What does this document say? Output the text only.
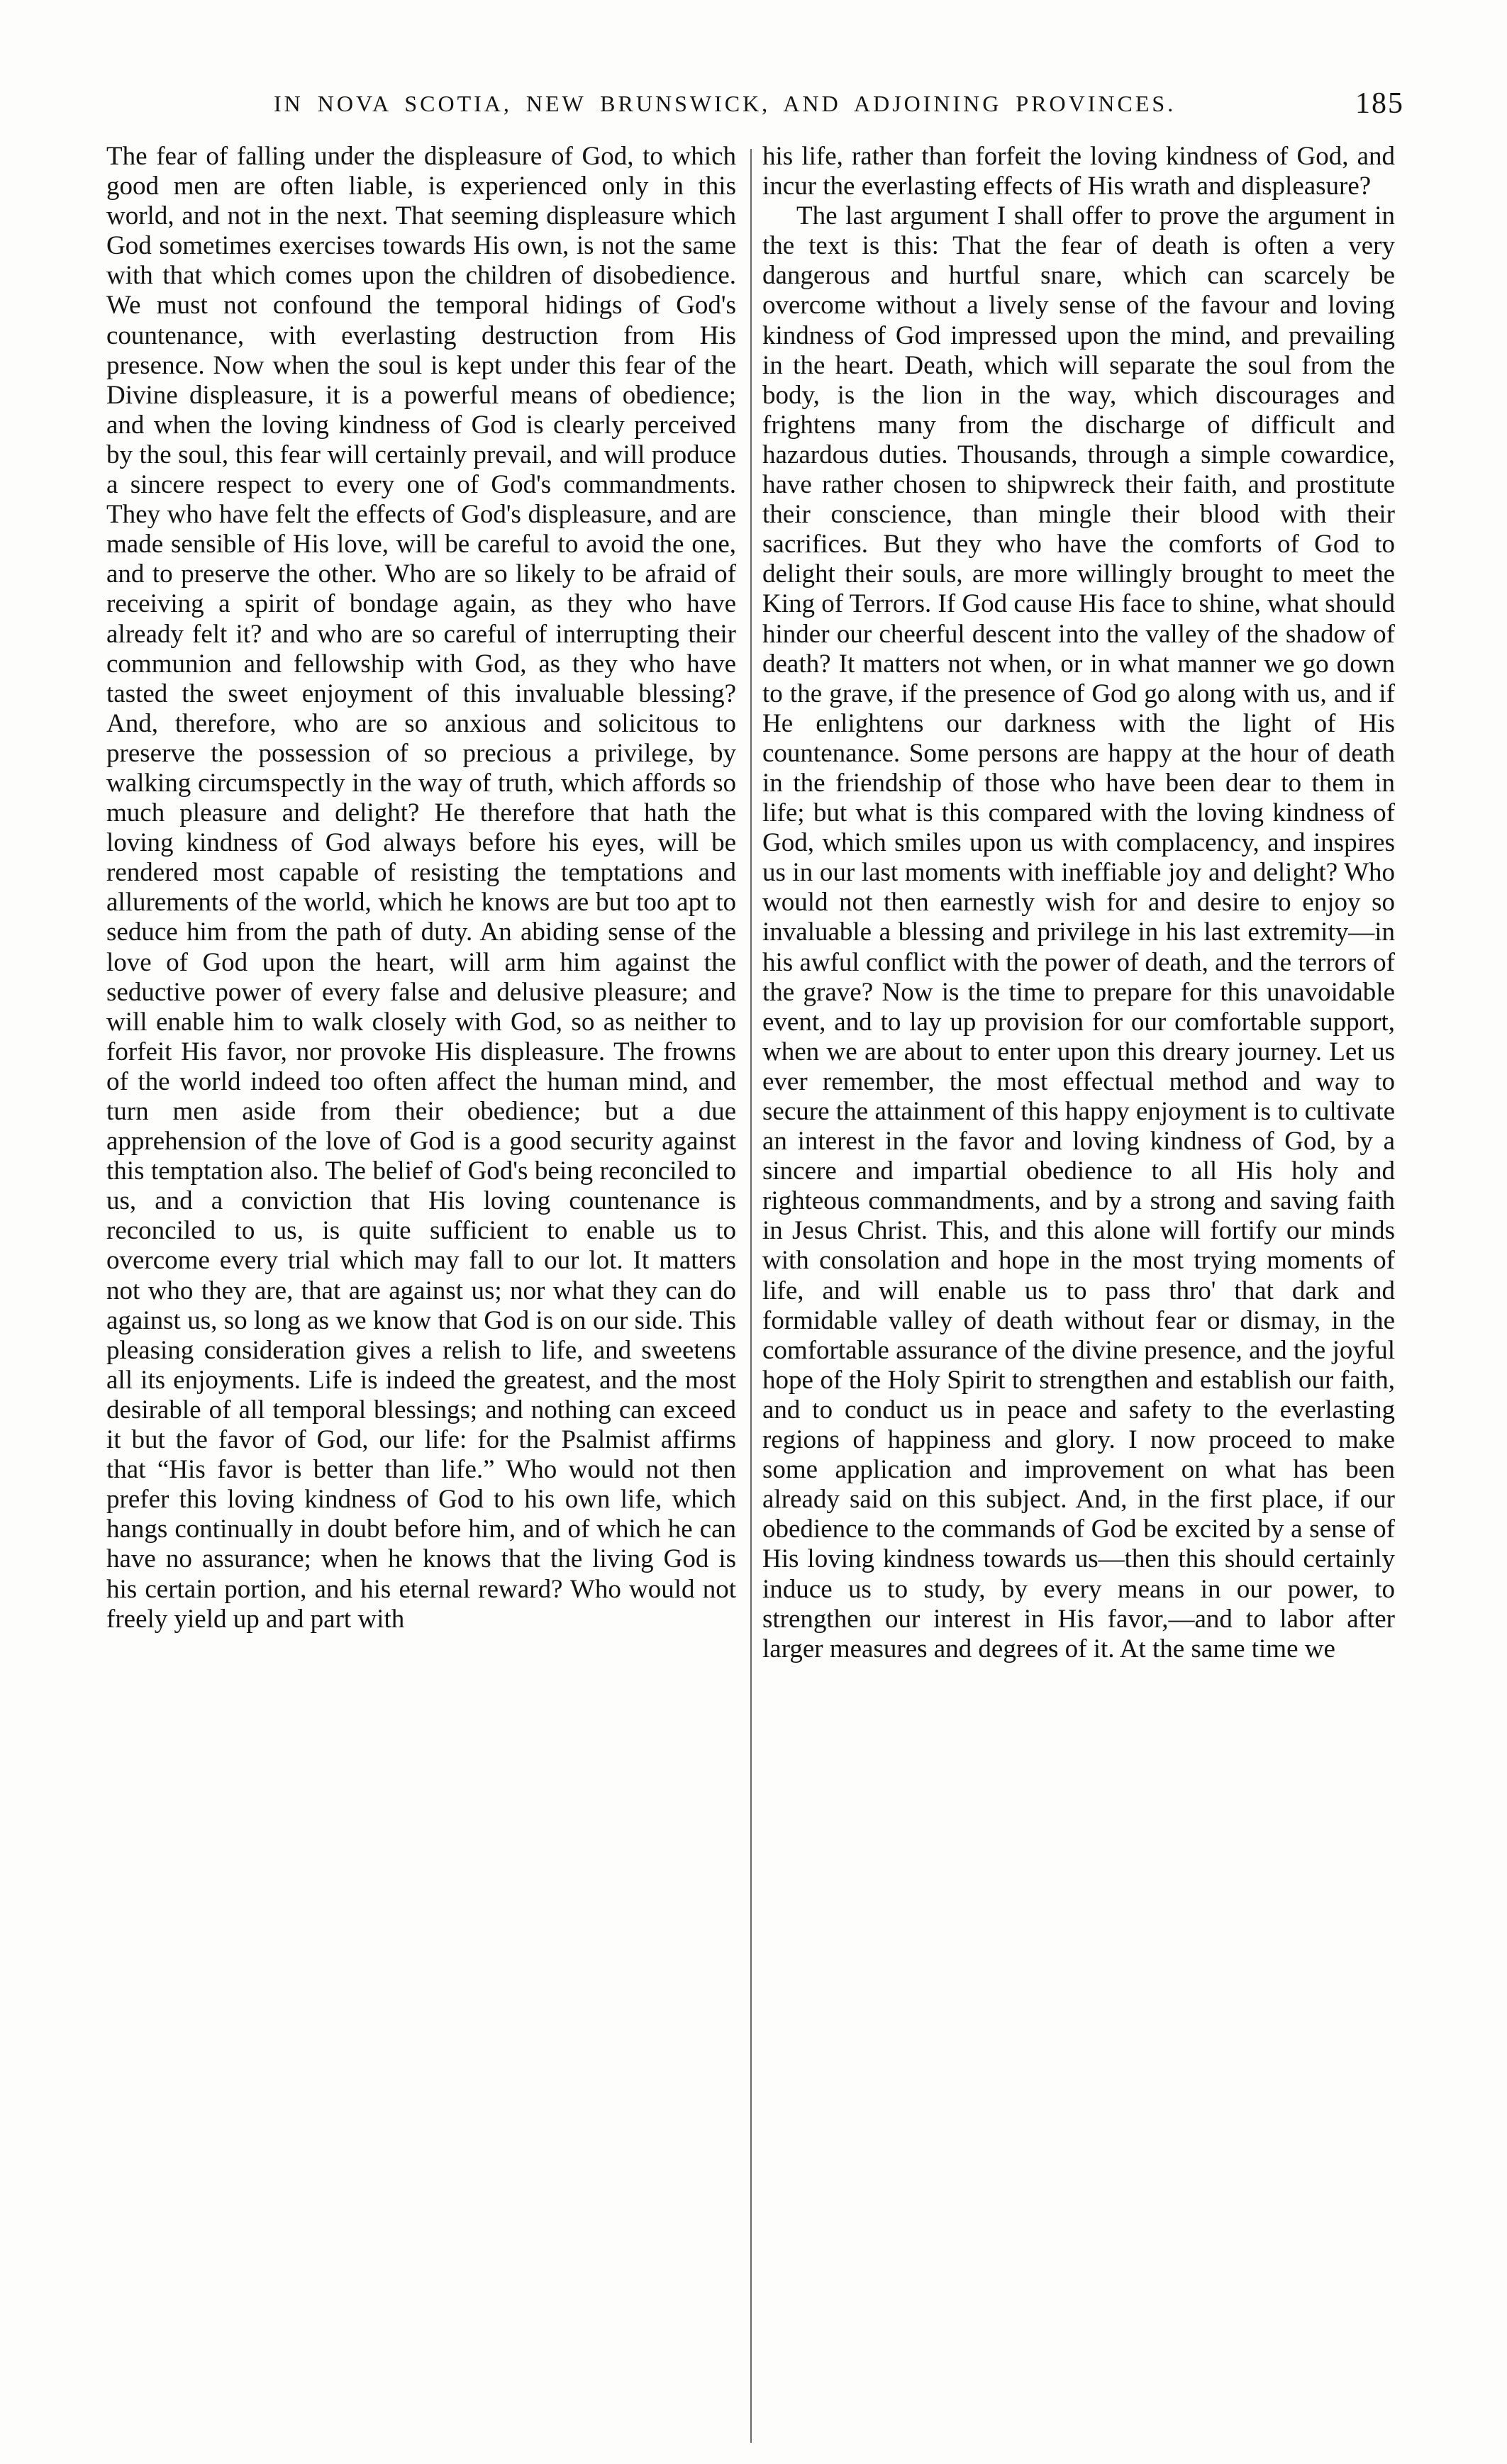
IN NOVA SCOTIA, NEW BRUNSWICK, AND ADJOINING PROVINCES.	185

The fear of falling under the displeasure of God, to which good men are often liable, is experienced only in this world, and not in the next. That seeming displeasure which God sometimes exercises towards His own, is not the same with that which comes upon the children of disobedience. We must not confound the temporal hidings of God's countenance, with everlasting destruction from His presence. Now when the soul is kept under this fear of the Divine displeasure, it is a powerful means of obedience; and when the loving kindness of God is clearly perceived by the soul, this fear will certainly prevail, and will produce a sincere respect to every one of God's commandments. They who have felt the effects of God's displeasure, and are made sensible of His love, will be careful to avoid the one, and to preserve the other. Who are so likely to be afraid of receiving a spirit of bondage again, as they who have already felt it? and who are so careful of interrupting their communion and fellowship with God, as they who have tasted the sweet enjoyment of this invaluable blessing? And, therefore, who are so anxious and solicitous to preserve the possession of so precious a privilege, by walking circumspectly in the way of truth, which affords so much pleasure and delight? He therefore that hath the loving kindness of God always before his eyes, will be rendered most capable of resisting the temptations and allurements of the world, which he knows are but too apt to seduce him from the path of duty. An abiding sense of the love of God upon the heart, will arm him against the seductive power of every false and delusive pleasure; and will enable him to walk closely with God, so as neither to forfeit His favor, nor provoke His displeasure. The frowns of the world indeed too often affect the human mind, and turn men aside from their obedience; but a due apprehension of the love of God is a good security against this temptation also. The belief of God's being reconciled to us, and a conviction that His loving countenance is reconciled to us, is quite sufficient to enable us to overcome every trial which may fall to our lot. It matters not who they are, that are against us; nor what they can do against us, so long as we know that God is on our side. This pleasing consideration gives a relish to life, and sweetens all its enjoyments. Life is indeed the greatest, and the most desirable of all temporal blessings; and nothing can exceed it but the favor of God, our life: for the Psalmist affirms that “His favor is better than life.” Who would not then prefer this loving kindness of God to his own life, which hangs continually in doubt before him, and of which he can have no assurance; when he knows that the living God is his certain portion, and his eternal reward? Who would not freely yield up and part with

his life, rather than forfeit the loving kindness of God, and incur the everlasting effects of His wrath and displeasure?

The last argument I shall offer to prove the argument in the text is this: That the fear of death is often a very dangerous and hurtful snare, which can scarcely be overcome without a lively sense of the favour and loving kindness of God impressed upon the mind, and prevailing in the heart. Death, which will separate the soul from the body, is the lion in the way, which discourages and frightens many from the discharge of difficult and hazardous duties. Thousands, through a simple cowardice, have rather chosen to shipwreck their faith, and prostitute their conscience, than mingle their blood with their sacrifices. But they who have the comforts of God to delight their souls, are more willingly brought to meet the King of Terrors. If God cause His face to shine, what should hinder our cheerful descent into the valley of the shadow of death? It matters not when, or in what manner we go down to the grave, if the presence of God go along with us, and if He enlightens our darkness with the light of His countenance. Some persons are happy at the hour of death in the friendship of those who have been dear to them in life; but what is this compared with the loving kindness of God, which smiles upon us with complacency, and inspires us in our last moments with ineffiable joy and delight? Who would not then earnestly wish for and desire to enjoy so invaluable a blessing and privilege in his last extremity—in his awful conflict with the power of death, and the terrors of the grave? Now is the time to prepare for this unavoidable event, and to lay up provision for our comfortable support, when we are about to enter upon this dreary journey. Let us ever remember, the most effectual method and way to secure the attainment of this happy enjoyment is to cultivate an interest in the favor and loving kindness of God, by a sincere and impartial obedience to all His holy and righteous commandments, and by a strong and saving faith in Jesus Christ. This, and this alone will fortify our minds with consolation and hope in the most trying moments of life, and will enable us to pass thro' that dark and formidable valley of death without fear or dismay, in the comfortable assurance of the divine presence, and the joyful hope of the Holy Spirit to strengthen and establish our faith, and to conduct us in peace and safety to the everlasting regions of happiness and glory. I now proceed to make some application and improvement on what has been already said on this subject. And, in the first place, if our obedience to the commands of God be excited by a sense of His loving kindness towards us—then this should certainly induce us to study, by every means in our power, to strengthen our interest in His favor,—and to labor after larger measures and degrees of it. At the same time we
